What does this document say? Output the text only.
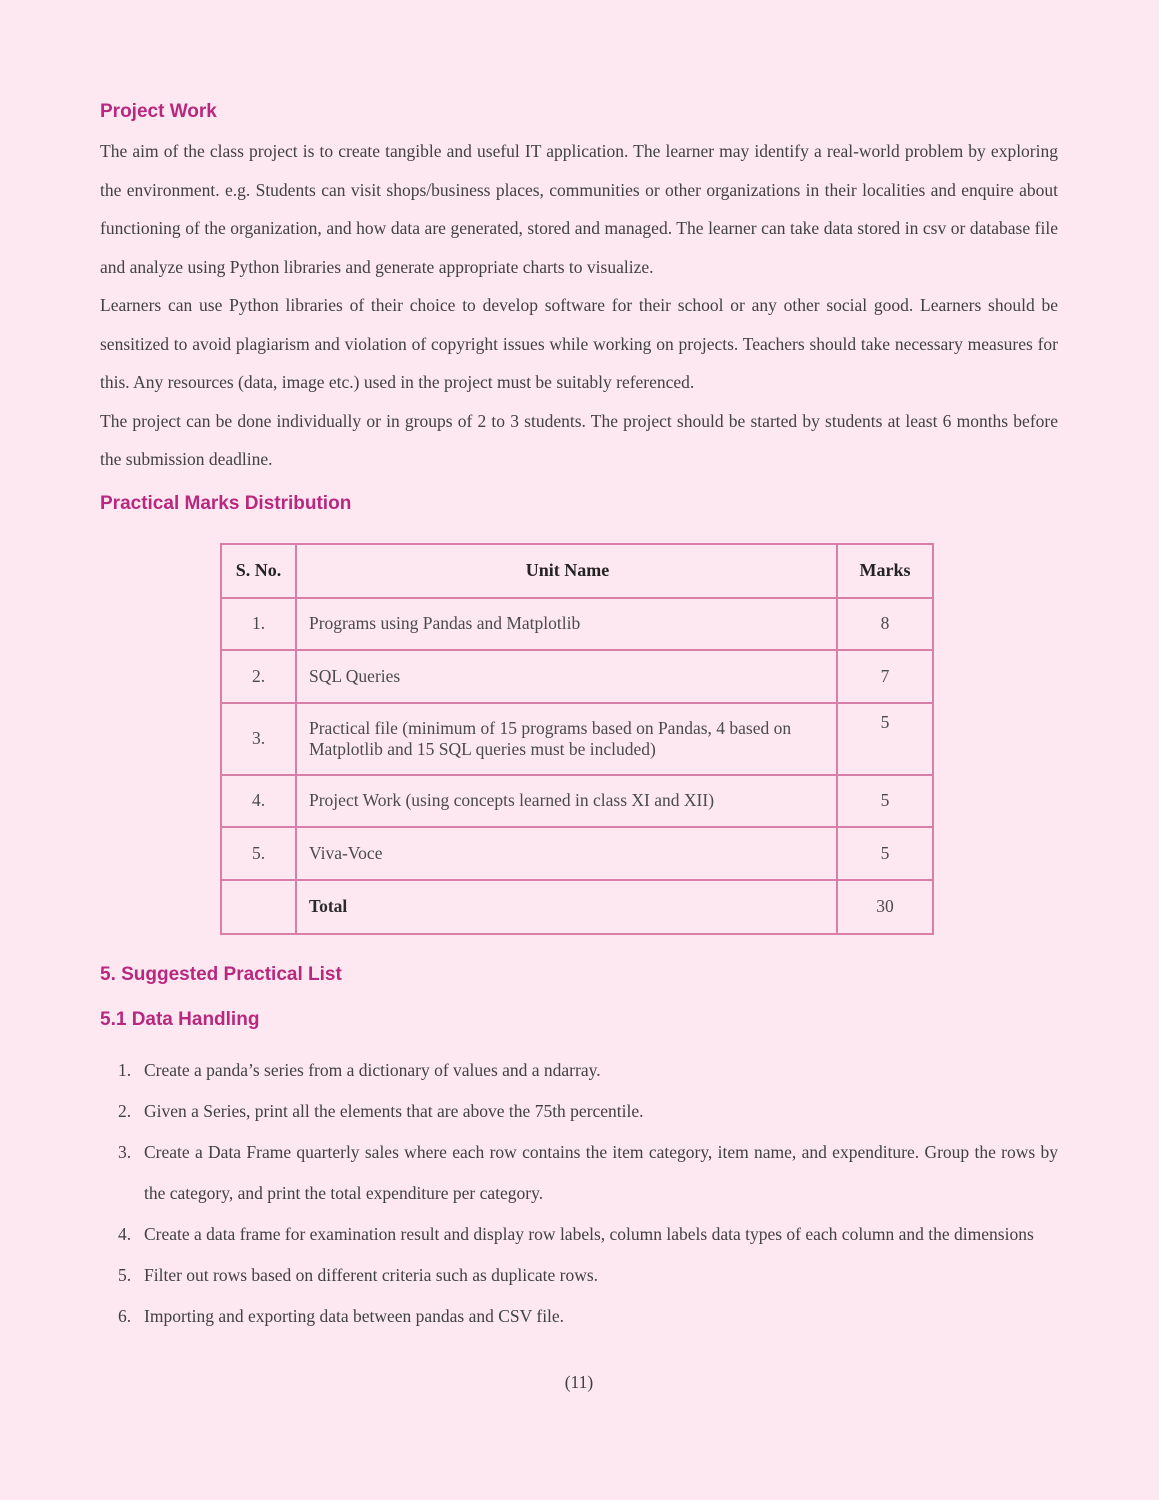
Project Work

The aim of the class project is to create tangible and useful IT application. The learner may identify a real-world problem by exploring the environment. e.g. Students can visit shops/business places, communities or other organizations in their localities and enquire about functioning of the organization, and how data are generated, stored and managed. The learner can take data stored in csv or database file and analyze using Python libraries and generate appropriate charts to visualize.

Learners can use Python libraries of their choice to develop software for their school or any other social good. Learners should be sensitized to avoid plagiarism and violation of copyright issues while working on projects. Teachers should take necessary measures for this. Any resources (data, image etc.) used in the project must be suitably referenced.

The project can be done individually or in groups of 2 to 3 students. The project should be started by students at least 6 months before the submission deadline.

Practical Marks Distribution
S. No.	Unit Name	Marks
1.	Programs using Pandas and Matplotlib	8
2.	SQL Queries	7
3.	Practical file (minimum of 15 programs based on Pandas, 4 based on Matplotlib and 15 SQL queries must be included)	5
4.	Project Work (using concepts learned in class XI and XII)	5
5.	Viva-Voce	5
	Total	30
5. Suggested Practical List
5.1 Data Handling
1. Create a panda’s series from a dictionary of values and a ndarray.
2. Given a Series, print all the elements that are above the 75th percentile.
3. Create a Data Frame quarterly sales where each row contains the item category, item name, and expenditure. Group the rows by the category, and print the total expenditure per category.
4. Create a data frame for examination result and display row labels, column labels data types of each column and the dimensions
5. Filter out rows based on different criteria such as duplicate rows.
6. Importing and exporting data between pandas and CSV file.
(11)
